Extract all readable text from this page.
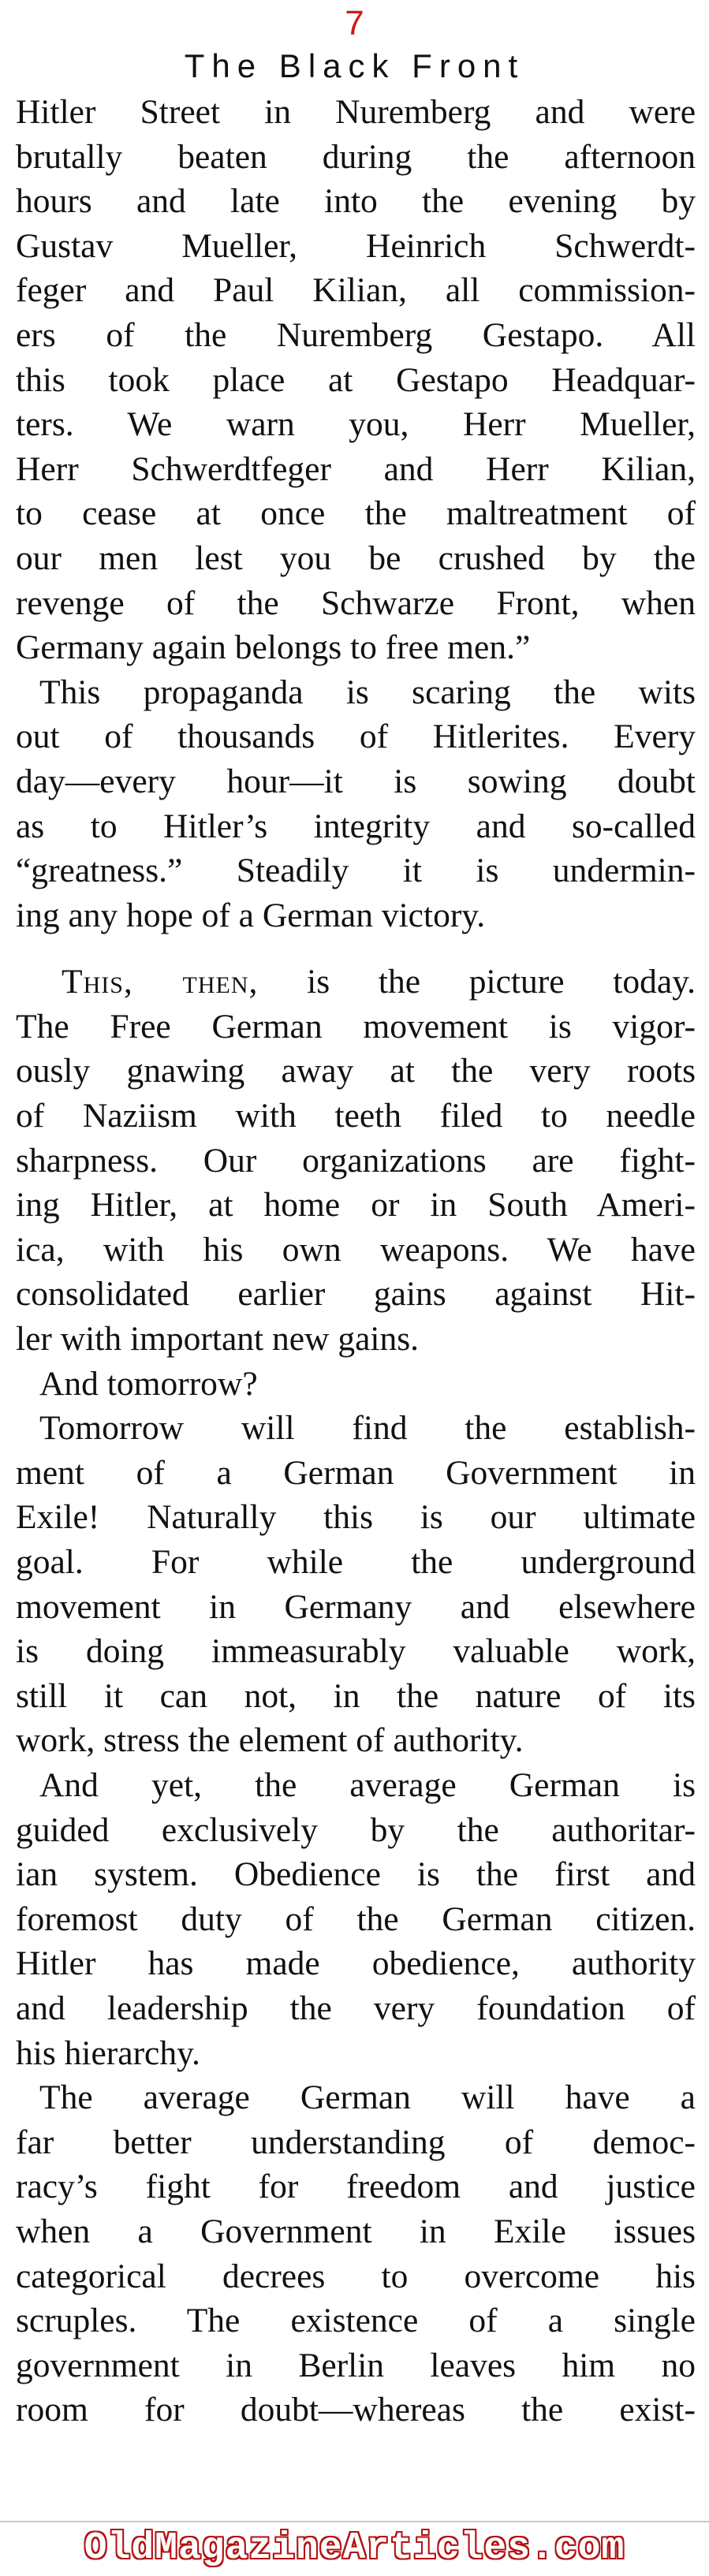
7
The Black Front
Hitler Street in Nuremberg and were
brutally beaten during the afternoon
hours and late into the evening by
Gustav Mueller, Heinrich Schwerdt-
feger and Paul Kilian, all commission-
ers of the Nuremberg Gestapo. All
this took place at Gestapo Headquar-
ters. We warn you, Herr Mueller,
Herr Schwerdtfeger and Herr Kilian,
to cease at once the maltreatment of
our men lest you be crushed by the
revenge of the Schwarze Front, when
Germany again belongs to free men.”
This propaganda is scaring the wits
out of thousands of Hitlerites. Every
day—every hour—it is sowing doubt
as to Hitler’s integrity and so-called
“greatness.” Steadily it is undermin-
ing any hope of a German victory.
This, then, is the picture today.
The Free German movement is vigor-
ously gnawing away at the very roots
of Naziism with teeth filed to needle
sharpness. Our organizations are fight-
ing Hitler, at home or in South Ameri-
ica, with his own weapons. We have
consolidated earlier gains against Hit-
ler with important new gains.
And tomorrow?
Tomorrow will find the establish-
ment of a German Government in
Exile! Naturally this is our ultimate
goal. For while the underground
movement in Germany and elsewhere
is doing immeasurably valuable work,
still it can not, in the nature of its
work, stress the element of authority.
And yet, the average German is
guided exclusively by the authoritar-
ian system. Obedience is the first and
foremost duty of the German citizen.
Hitler has made obedience, authority
and leadership the very foundation of
his hierarchy.
The average German will have a
far better understanding of democ-
racy’s fight for freedom and justice
when a Government in Exile issues
categorical decrees to overcome his
scruples. The existence of a single
government in Berlin leaves him no
room for doubt—whereas the exist-
OldMagazineArticles.com
